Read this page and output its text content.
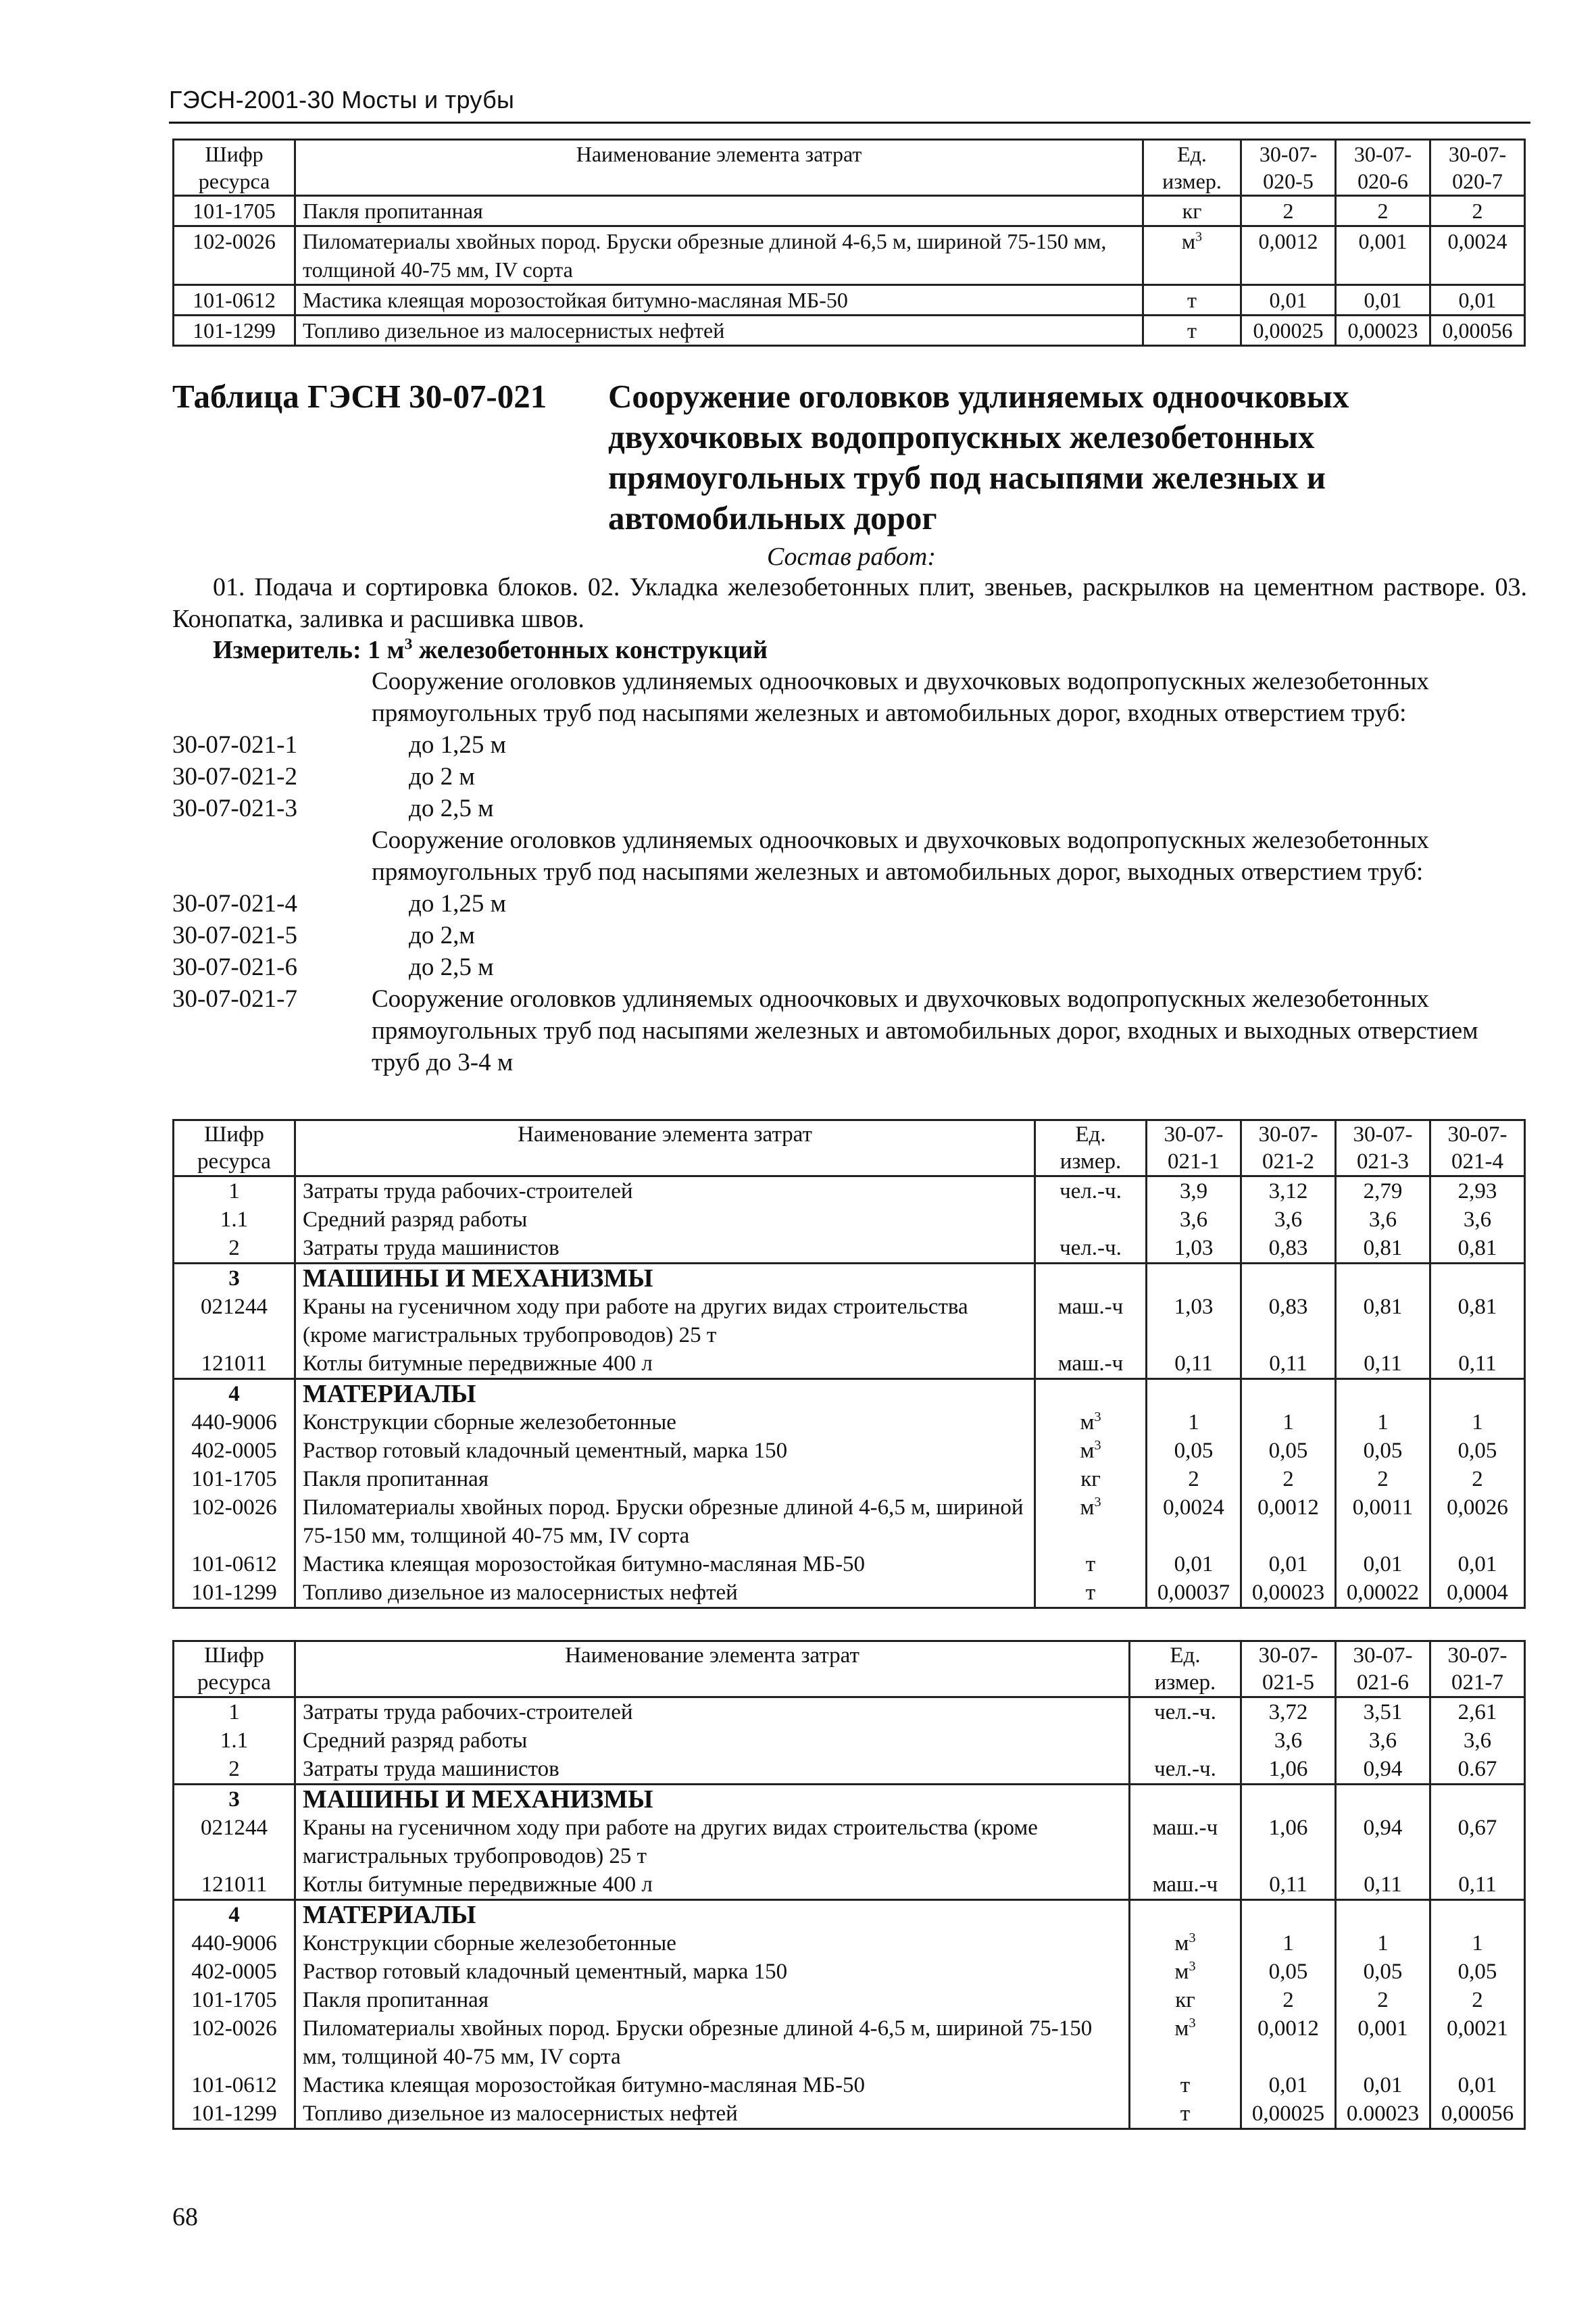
ГЭСН-2001-30 Мосты и трубы
Шифр ресурса	Наименование элемента затрат	Ед. измер.	30-07-020-5	30-07-020-6	30-07-020-7
101-1705	Пакля пропитанная	кг	2	2	2
102-0026	Пиломатериалы хвойных пород. Бруски обрезные длиной 4-6,5 м, шириной 75-150 мм, толщиной 40-75 мм, IV сорта	$м^3$	0,0012	0,001	0,0024
101-0612	Мастика клеящая морозостойкая битумно-масляная МБ-50	т	0,01	0,01	0,01
101-1299	Топливо дизельное из малосернистых нефтей	т	0,00025	0,00023	0,00056
Таблица ГЭСН 30-07-021 Сооружение оголовков удлиняемых одноочковых двухочковых водопропускных железобетонных прямоугольных труб под насыпями железных и автомобильных дорог
Состав работ:
01. Подача и сортировка блоков. 02. Укладка железобетонных плит, звеньев, раскрылков на цементном растворе. 03. Конопатка, заливка и расшивка швов.
Измеритель: 1 $м^3$ железобетонных конструкций
Сооружение оголовков удлиняемых одноочковых и двухочковых водопропускных железобетонных прямоугольных труб под насыпями железных и автомобильных дорог, входных отверстием труб:
30-07-021-1	до 1,25 м
30-07-021-2	до 2 м
30-07-021-3	до 2,5 м
Сооружение оголовков удлиняемых одноочковых и двухочковых водопропускных железобетонных прямоугольных труб под насыпями железных и автомобильных дорог, выходных отверстием труб:
30-07-021-4	до 1,25 м
30-07-021-5	до 2,м
30-07-021-6	до 2,5 м
30-07-021-7	Сооружение оголовков удлиняемых одноочковых и двухочковых водопропускных железобетонных прямоугольных труб под насыпями железных и автомобильных дорог, входных и выходных отверстием труб до 3-4 м
Шифр ресурса	Наименование элемента затрат	Ед. измер.	30-07-021-1	30-07-021-2	30-07-021-3	30-07-021-4
1	Затраты труда рабочих-строителей	чел.-ч.	3,9	3,12	2,79	2,93
1.1	Средний разряд работы		3,6	3,6	3,6	3,6
2	Затраты труда машинистов	чел.-ч.	1,03	0,83	0,81	0,81
3	МАШИНЫ И МЕХАНИЗМЫ					
021244	Краны на гусеничном ходу при работе на других видах строительства (кроме магистральных трубопроводов) 25 т	маш.-ч	1,03	0,83	0,81	0,81
121011	Котлы битумные передвижные 400 л	маш.-ч	0,11	0,11	0,11	0,11
4	МАТЕРИАЛЫ					
440-9006	Конструкции сборные железобетонные	$м^3$	1	1	1	1
402-0005	Раствор готовый кладочный цементный, марка 150	$м^3$	0,05	0,05	0,05	0,05
101-1705	Пакля пропитанная	кг	2	2	2	2
102-0026	Пиломатериалы хвойных пород. Бруски обрезные длиной 4-6,5 м, шириной 75-150 мм, толщиной 40-75 мм, IV сорта	$м^3$	0,0024	0,0012	0,0011	0,0026
101-0612	Мастика клеящая морозостойкая битумно-масляная МБ-50	т	0,01	0,01	0,01	0,01
101-1299	Топливо дизельное из малосернистых нефтей	т	0,00037	0,00023	0,00022	0,0004
Шифр ресурса	Наименование элемента затрат	Ед. измер.	30-07-021-5	30-07-021-6	30-07-021-7
1	Затраты труда рабочих-строителей	чел.-ч.	3,72	3,51	2,61
1.1	Средний разряд работы		3,6	3,6	3,6
2	Затраты труда машинистов	чел.-ч.	1,06	0,94	0.67
3	МАШИНЫ И МЕХАНИЗМЫ				
021244	Краны на гусеничном ходу при работе на других видах строительства (кроме магистральных трубопроводов) 25 т	маш.-ч	1,06	0,94	0,67
121011	Котлы битумные передвижные 400 л	маш.-ч	0,11	0,11	0,11
4	МАТЕРИАЛЫ				
440-9006	Конструкции сборные железобетонные	$м^3$	1	1	1
402-0005	Раствор готовый кладочный цементный, марка 150	$м^3$	0,05	0,05	0,05
101-1705	Пакля пропитанная	кг	2	2	2
102-0026	Пиломатериалы хвойных пород. Бруски обрезные длиной 4-6,5 м, шириной 75-150 мм, толщиной 40-75 мм, IV сорта	$м^3$	0,0012	0,001	0,0021
101-0612	Мастика клеящая морозостойкая битумно-масляная МБ-50	т	0,01	0,01	0,01
101-1299	Топливо дизельное из малосернистых нефтей	т	0,00025	0.00023	0,00056
68
